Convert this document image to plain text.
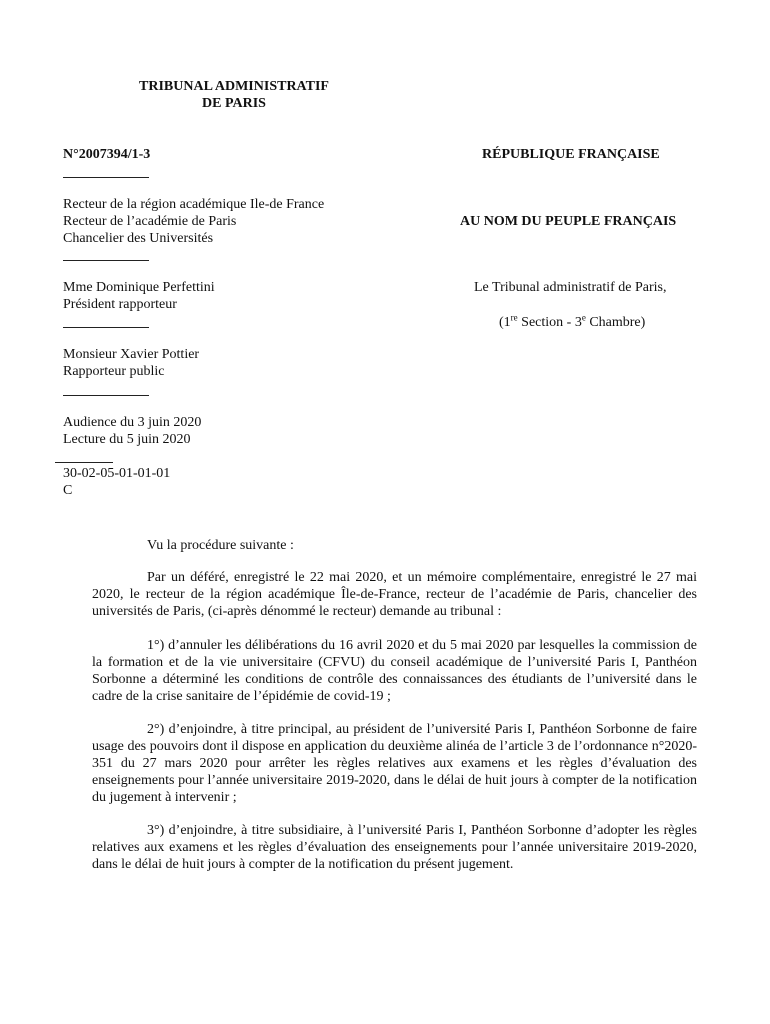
TRIBUNAL ADMINISTRATIF
DE PARIS
N°2007394/1-3	RÉPUBLIQUE FRANÇAISE
AU NOM DU PEUPLE FRANÇAIS
Recteur de la région académique Ile-de France
Recteur de l’académie de Paris
Chancelier des Universités
Mme Dominique Perfettini
Président rapporteur
Le Tribunal administratif de Paris,
(1re Section - 3e Chambre)
Monsieur Xavier Pottier
Rapporteur public
Audience du 3 juin 2020
Lecture du 5 juin 2020
30-02-05-01-01-01
C
Vu la procédure suivante :
Par un déféré, enregistré le 22 mai 2020, et un mémoire complémentaire, enregistré le 27 mai 2020, le recteur de la région académique Île-de-France, recteur de l’académie de Paris, chancelier des universités de Paris, (ci-après dénommé le recteur) demande au tribunal :
1°) d’annuler les délibérations du 16 avril 2020 et du 5 mai 2020 par lesquelles la commission de la formation et de la vie universitaire (CFVU) du conseil académique de l’université Paris I, Panthéon Sorbonne a déterminé les conditions de contrôle des connaissances des étudiants de l’université dans le cadre de la crise sanitaire de l’épidémie de covid-19 ;
2°) d’enjoindre, à titre principal, au président de l’université Paris I, Panthéon Sorbonne de faire usage des pouvoirs dont il dispose en application du deuxième alinéa de l’article 3 de l’ordonnance n°2020-351 du 27 mars 2020 pour arrêter les règles relatives aux examens et les règles d’évaluation des enseignements pour l’année universitaire 2019-2020, dans le délai de huit jours à compter de la notification du jugement à intervenir ;
3°) d’enjoindre, à titre subsidiaire, à l’université Paris I, Panthéon Sorbonne d’adopter les règles relatives aux examens et les règles d’évaluation des enseignements pour l’année universitaire 2019-2020, dans le délai de huit jours à compter de la notification du présent jugement.
